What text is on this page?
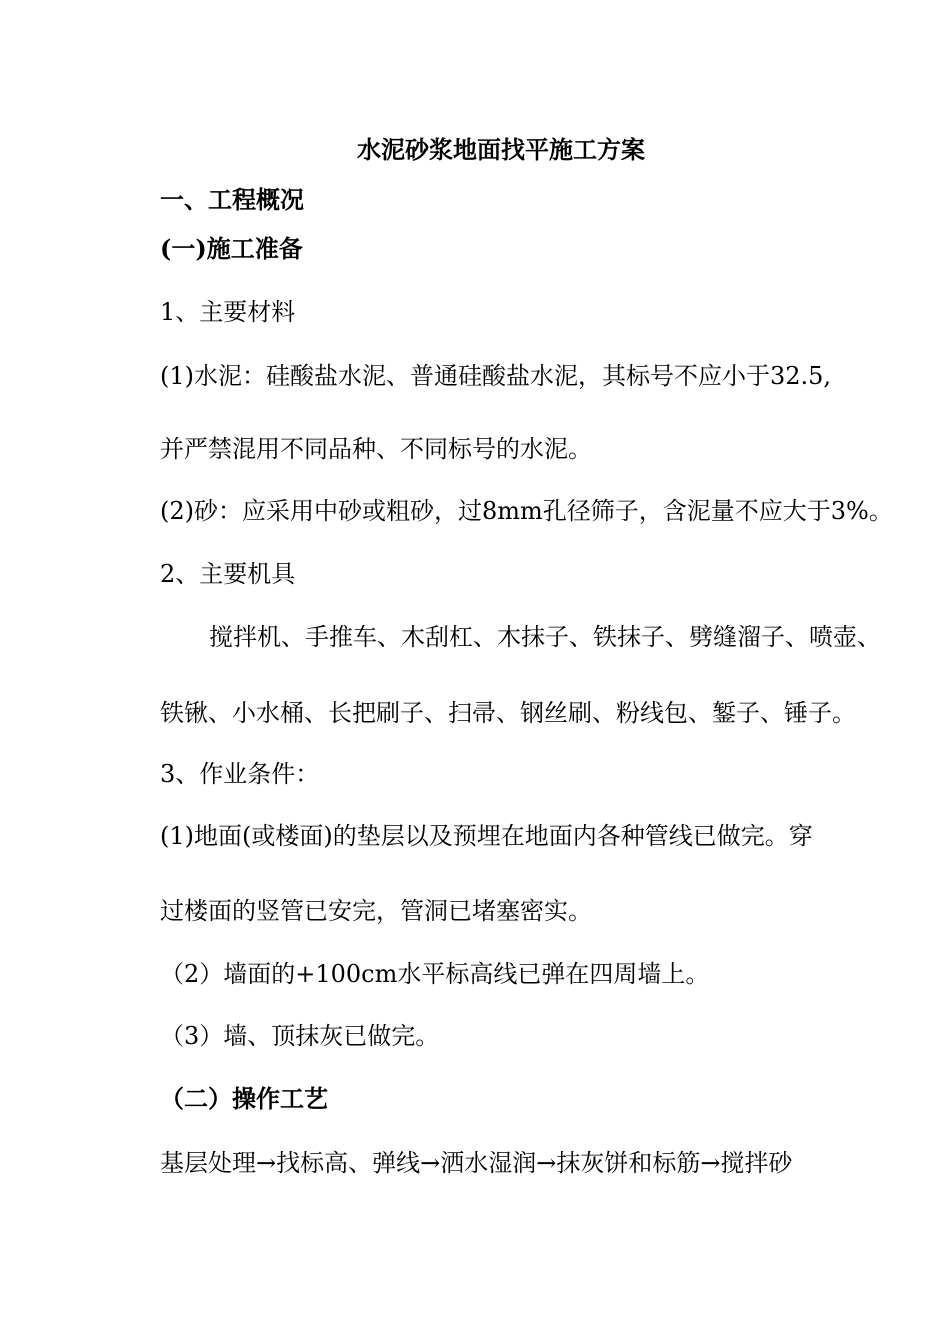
水泥砂浆地面找平施工方案
一、工程概况
(一)施工准备
1、主要材料
(1)水泥：硅酸盐水泥、普通硅酸盐水泥，其标号不应小于32.5,
并严禁混用不同品种、不同标号的水泥。
(2)砂：应采用中砂或粗砂，过8mm孔径筛子，含泥量不应大于3%。
2、主要机具
搅拌机、手推车、木刮杠、木抹子、铁抹子、劈缝溜子、喷壶、
铁锹、小水桶、长把刷子、扫帚、钢丝刷、粉线包、錾子、锤子。
3、作业条件：
(1)地面(或楼面)的垫层以及预埋在地面内各种管线已做完。穿
过楼面的竖管已安完，管洞已堵塞密实。
（2）墙面的+100cm水平标高线已弹在四周墙上。
（3）墙、顶抹灰已做完。
（二）操作工艺
基层处理→找标高、弹线→洒水湿润→抹灰饼和标筋→搅拌砂
